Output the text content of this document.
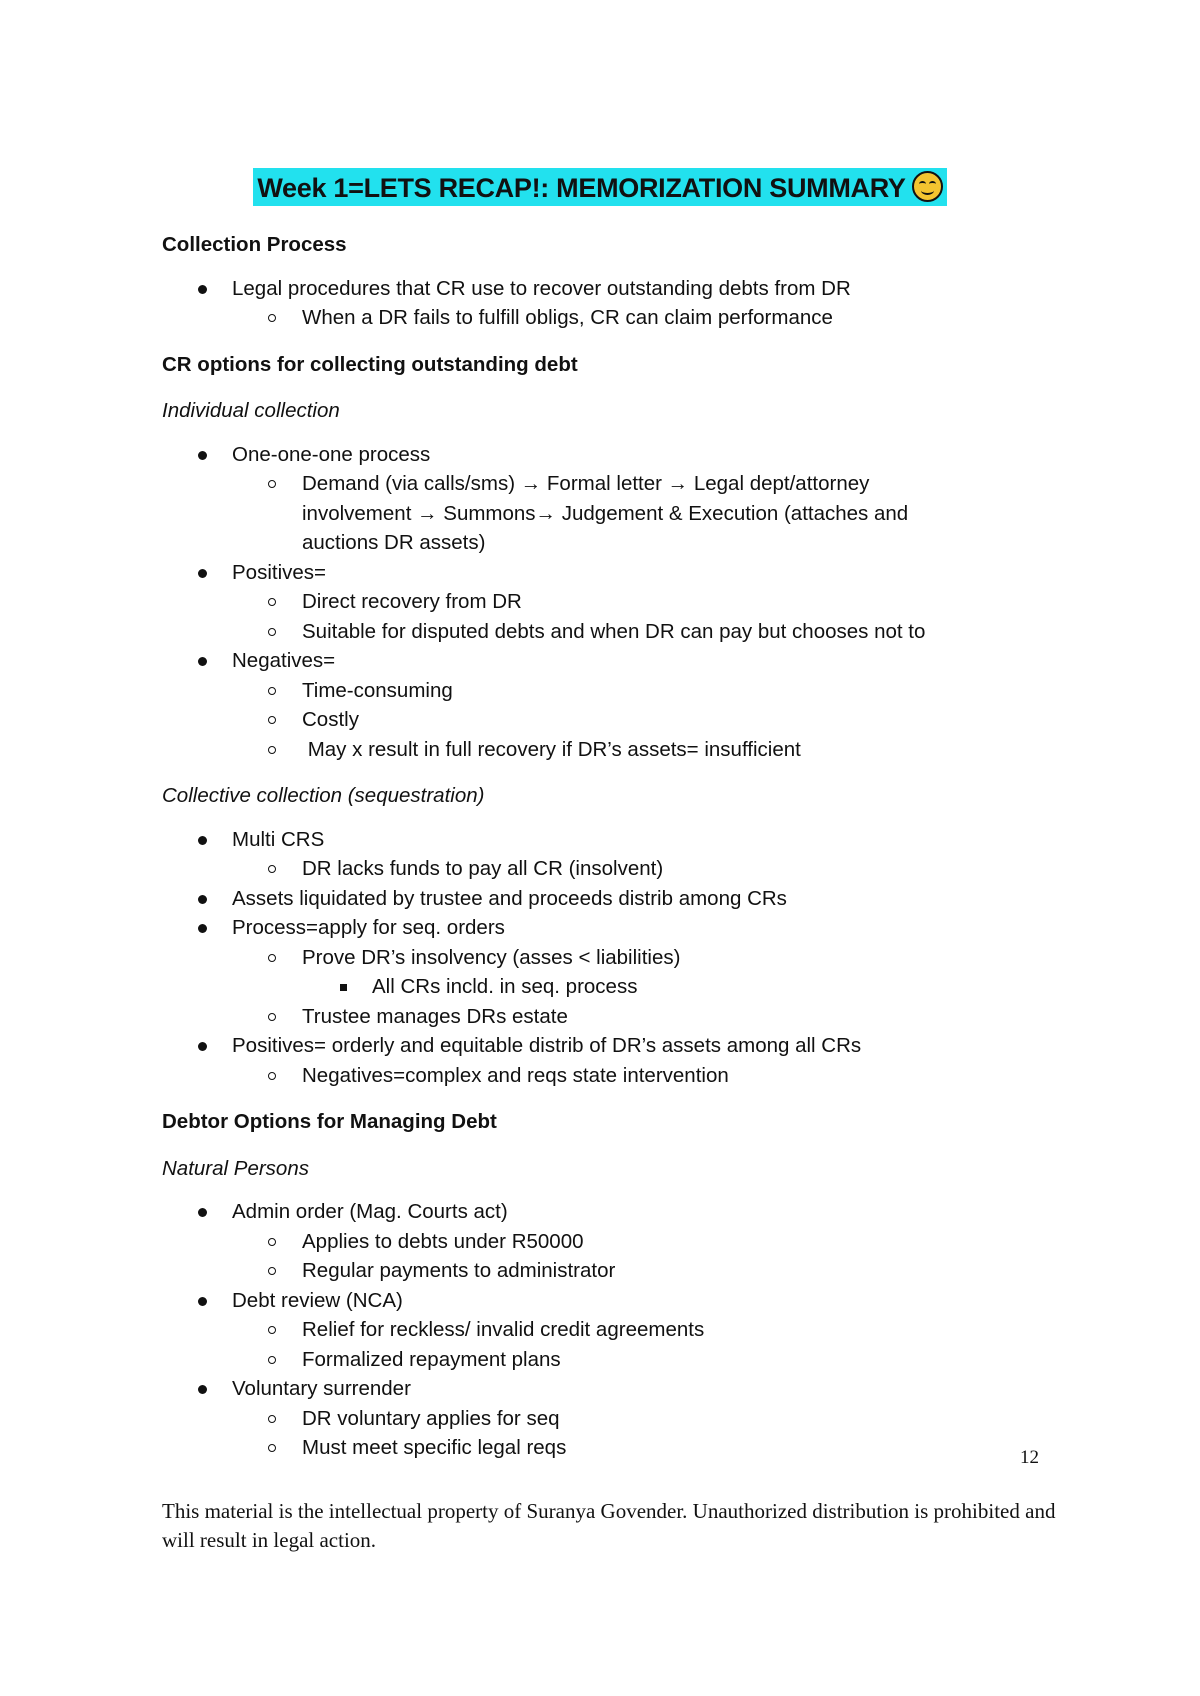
Week 1=LETS RECAP!: MEMORIZATION SUMMARY

Collection Process

Legal procedures that CR use to recover outstanding debts from DR
When a DR fails to fulfill obligs, CR can claim performance

CR options for collecting outstanding debt

Individual collection

One-one-one process
Demand (via calls/sms) → Formal letter → Legal dept/attorney involvement → Summons→ Judgement & Execution (attaches and auctions DR assets)
Positives=
Direct recovery from DR
Suitable for disputed debts and when DR can pay but chooses not to
Negatives=
Time-consuming
Costly
May x result in full recovery if DR’s assets= insufficient

Collective collection (sequestration)

Multi CRS
DR lacks funds to pay all CR (insolvent)
Assets liquidated by trustee and proceeds distrib among CRs
Process=apply for seq. orders
Prove DR’s insolvency (asses < liabilities)
All CRs incld. in seq. process
Trustee manages DRs estate
Positives= orderly and equitable distrib of DR’s assets among all CRs
Negatives=complex and reqs state intervention

Debtor Options for Managing Debt

Natural Persons

Admin order (Mag. Courts act)
Applies to debts under R50000
Regular payments to administrator
Debt review (NCA)
Relief for reckless/ invalid credit agreements
Formalized repayment plans
Voluntary surrender
DR voluntary applies for seq
Must meet specific legal reqs	12
This material is the intellectual property of Suranya Govender. Unauthorized distribution is prohibited and will result in legal action.
